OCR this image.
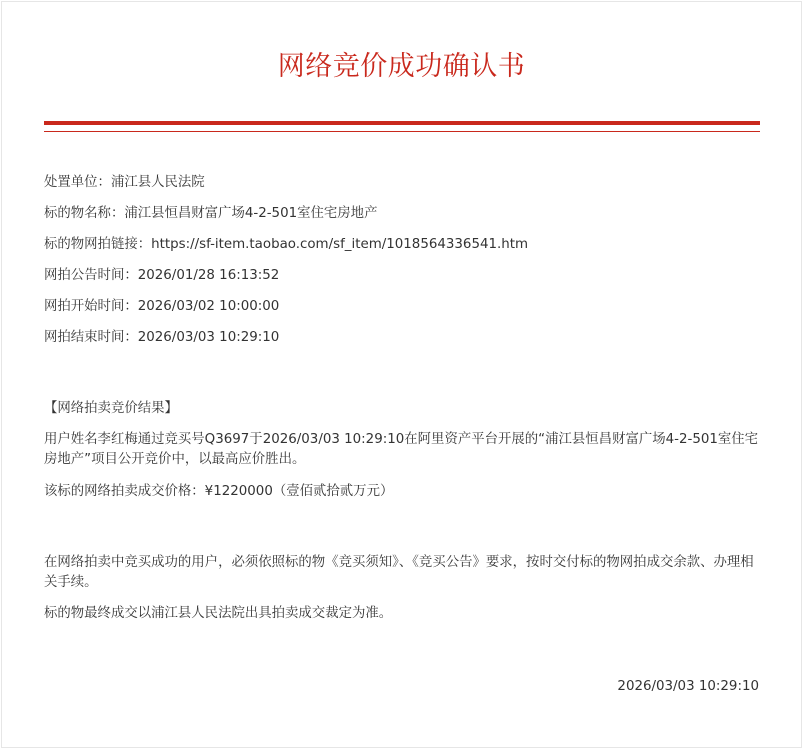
网络竞价成功确认书
处置单位：浦江县人民法院
标的物名称：浦江县恒昌财富广场4-2-501室住宅房地产
标的物网拍链接：https://sf-item.taobao.com/sf_item/1018564336541.htm
网拍公告时间：2026/01/28 16:13:52
网拍开始时间：2026/03/02 10:00:00
网拍结束时间：2026/03/03 10:29:10
【网络拍卖竞价结果】
用户姓名李红梅通过竞买号Q3697于2026/03/03 10:29:10在阿里资产平台开展的“浦江县恒昌财富广场4-2-501室住宅房地产”项目公开竞价中，以最高应价胜出。
该标的网络拍卖成交价格：¥1220000（壹佰贰拾贰万元）
在网络拍卖中竞买成功的用户，必须依照标的物《竞买须知》、《竞买公告》要求，按时交付标的物网拍成交余款、办理相关手续。
标的物最终成交以浦江县人民法院出具拍卖成交裁定为准。
2026/03/03 10:29:10
